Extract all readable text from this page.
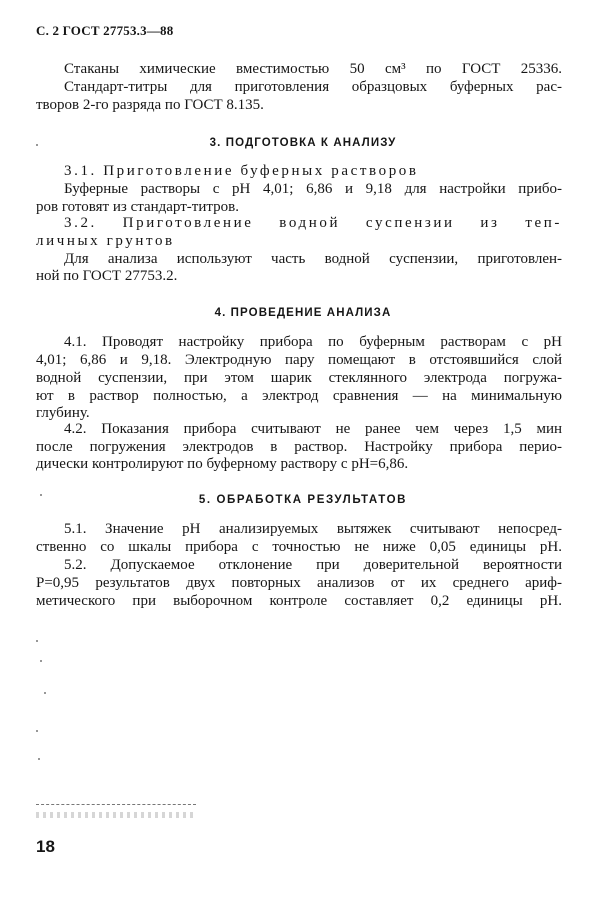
С. 2 ГОСТ 27753.3—88
Стаканы химические вместимостью 50 см³ по ГОСТ 25336.
Стандарт-титры для приготовления образцовых буферных рас-
творов 2-го разряда по ГОСТ 8.135.
3. ПОДГОТОВКА К АНАЛИЗУ
3.1. Приготовление буферных растворов
Буферные растворы с рН 4,01; 6,86 и 9,18 для настройки прибо-
ров готовят из стандарт-титров.
3.2. Приготовление водной суспензии из теп-
личных грунтов
Для анализа используют часть водной суспензии, приготовлен-
ной по ГОСТ 27753.2.
4. ПРОВЕДЕНИЕ АНАЛИЗА
4.1. Проводят настройку прибора по буферным растворам с рН
4,01; 6,86 и 9,18. Электродную пару помещают в отстоявшийся слой
водной суспензии, при этом шарик стеклянного электрода погружа-
ют в раствор полностью, а электрод сравнения — на минимальную
глубину.
4.2. Показания прибора считывают не ранее чем через 1,5 мин
после погружения электродов в раствор. Настройку прибора перио-
дически контролируют по буферному раствору с рН=6,86.
5. ОБРАБОТКА РЕЗУЛЬТАТОВ
5.1. Значение рН анализируемых вытяжек считывают непосред-
ственно со шкалы прибора с точностью не ниже 0,05 единицы рН.
5.2. Допускаемое отклонение при доверительной вероятности
P=0,95 результатов двух повторных анализов от их среднего ариф-
метического при выборочном контроле составляет 0,2 единицы рН.
18
